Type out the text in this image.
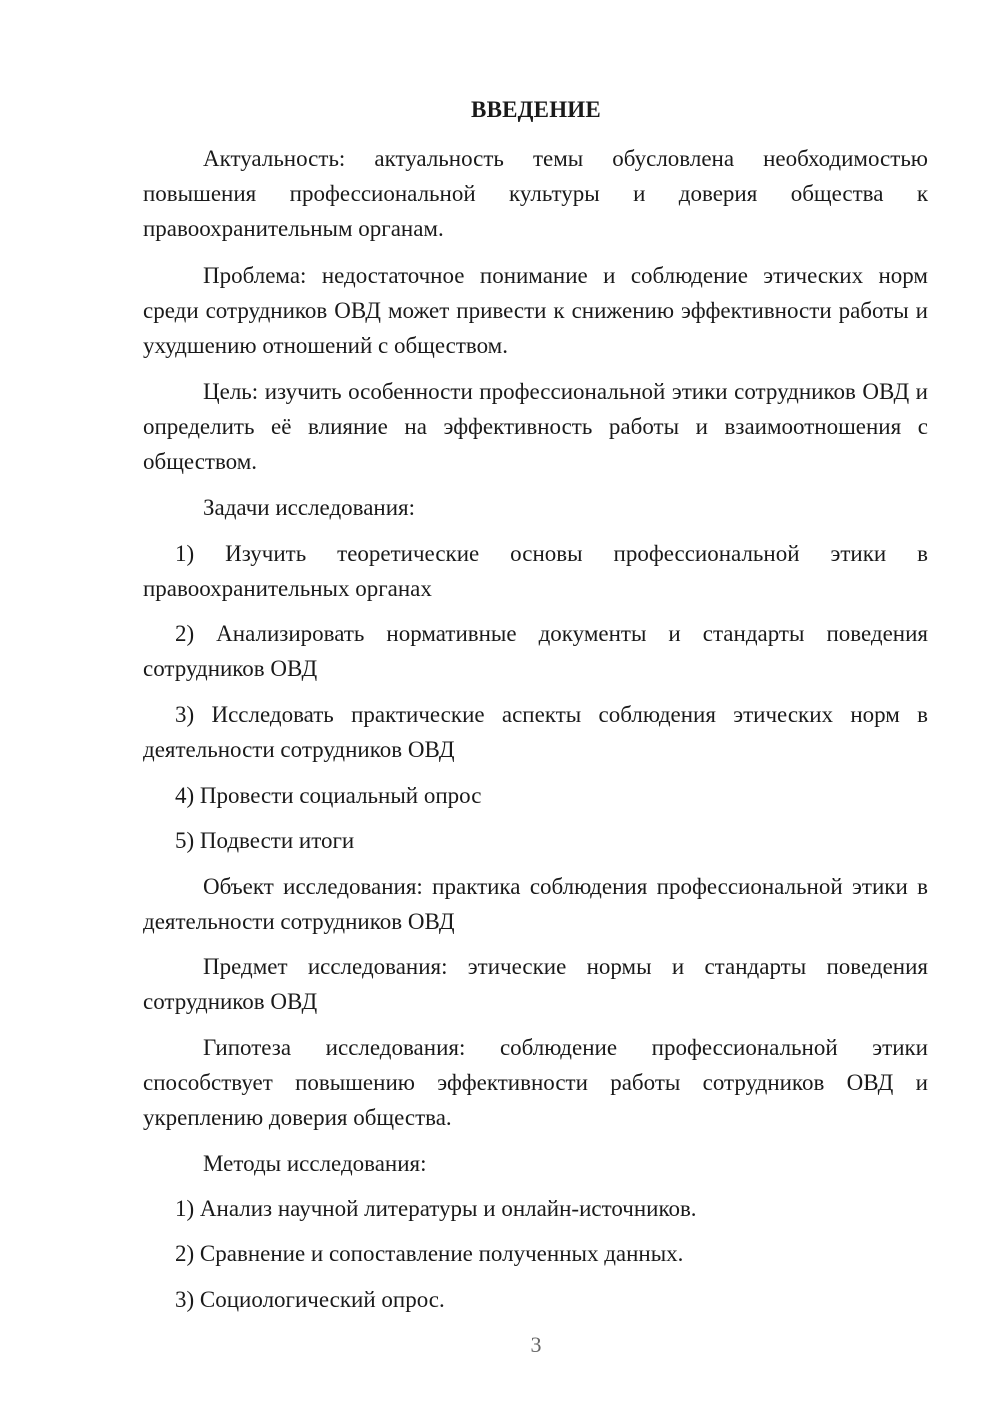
ВВЕДЕНИЕ

Актуальность: актуальность темы обусловлена необходимостью повышения профессиональной культуры и доверия общества к правоохранительным органам.

Проблема: недостаточное понимание и соблюдение этических норм среди сотрудников ОВД может привести к снижению эффективности работы и ухудшению отношений с обществом.

Цель: изучить особенности профессиональной этики сотрудников ОВД и определить её влияние на эффективность работы и взаимоотношения с обществом.

Задачи исследования:

1) Изучить теоретические основы профессиональной этики в правоохранительных органах

2) Анализировать нормативные документы и стандарты поведения сотрудников ОВД

3) Исследовать практические аспекты соблюдения этических норм в деятельности сотрудников ОВД

4) Провести социальный опрос

5) Подвести итоги

Объект исследования: практика соблюдения профессиональной этики в деятельности сотрудников ОВД

Предмет исследования: этические нормы и стандарты поведения сотрудников ОВД

Гипотеза исследования: соблюдение профессиональной этики способствует повышению эффективности работы сотрудников ОВД и укреплению доверия общества.

Методы исследования:

1) Анализ научной литературы и онлайн-источников.

2) Сравнение и сопоставление полученных данных.

3) Социологический опрос.

3
